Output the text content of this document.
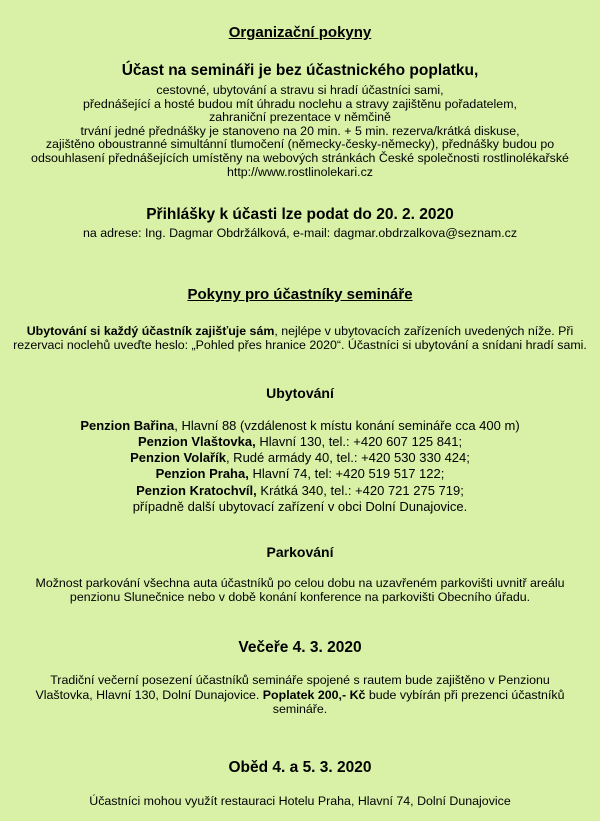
Organizační pokyny
Účast na semináři je bez účastnického poplatku,
cestovné, ubytování a stravu si hradí účastníci sami,
přednášející a hosté budou mít úhradu noclehu a stravy zajištěnu pořadatelem,
zahraniční prezentace v němčině
trvání jedné přednášky je stanoveno na 20 min. + 5 min. rezerva/krátká diskuse,
zajištěno oboustranné simultánní tlumočení (německy-česky-německy), přednášky budou po
odsouhlasení přednášejících umístěny na webových stránkách České společnosti rostlinolékařské
http://www.rostlinolekari.cz
Přihlášky k účasti lze podat do 20. 2. 2020
na adrese: Ing. Dagmar Obdržálková, e-mail: dagmar.obdrzalkova@seznam.cz
Pokyny pro účastníky semináře

Ubytování si každý účastník zajišťuje sám, nejlépe v ubytovacích zařízeních uvedených níže. Při rezervaci noclehů uveďte heslo: „Pohled přes hranice 2020“. Účastníci si ubytování a snídani hradí sami.

Ubytování
Penzion Bařina, Hlavní 88 (vzdálenost k místu konání semináře cca 400 m)
Penzion Vlaštovka, Hlavní 130, tel.: +420 607 125 841;
Penzion Volařík, Rudé armády 40, tel.: +420 530 330 424;
Penzion Praha, Hlavní 74, tel: +420 519 517 122;
Penzion Kratochvíl, Krátká 340, tel.: +420 721 275 719;
případně další ubytovací zařízení v obci Dolní Dunajovice.
Parkování

Možnost parkování všechna auta účastníků po celou dobu na uzavřeném parkovišti uvnitř areálu penzionu Slunečnice nebo v době konání konference na parkovišti Obecního úřadu.

Večeře 4. 3. 2020

Tradiční večerní posezení účastníků semináře spojené s rautem bude zajištěno v Penzionu Vlaštovka, Hlavní 130, Dolní Dunajovice. Poplatek 200,- Kč bude vybírán při prezenci účastníků semináře.

Oběd 4. a 5. 3. 2020
Účastníci mohou využít restauraci Hotelu Praha, Hlavní 74, Dolní Dunajovice
